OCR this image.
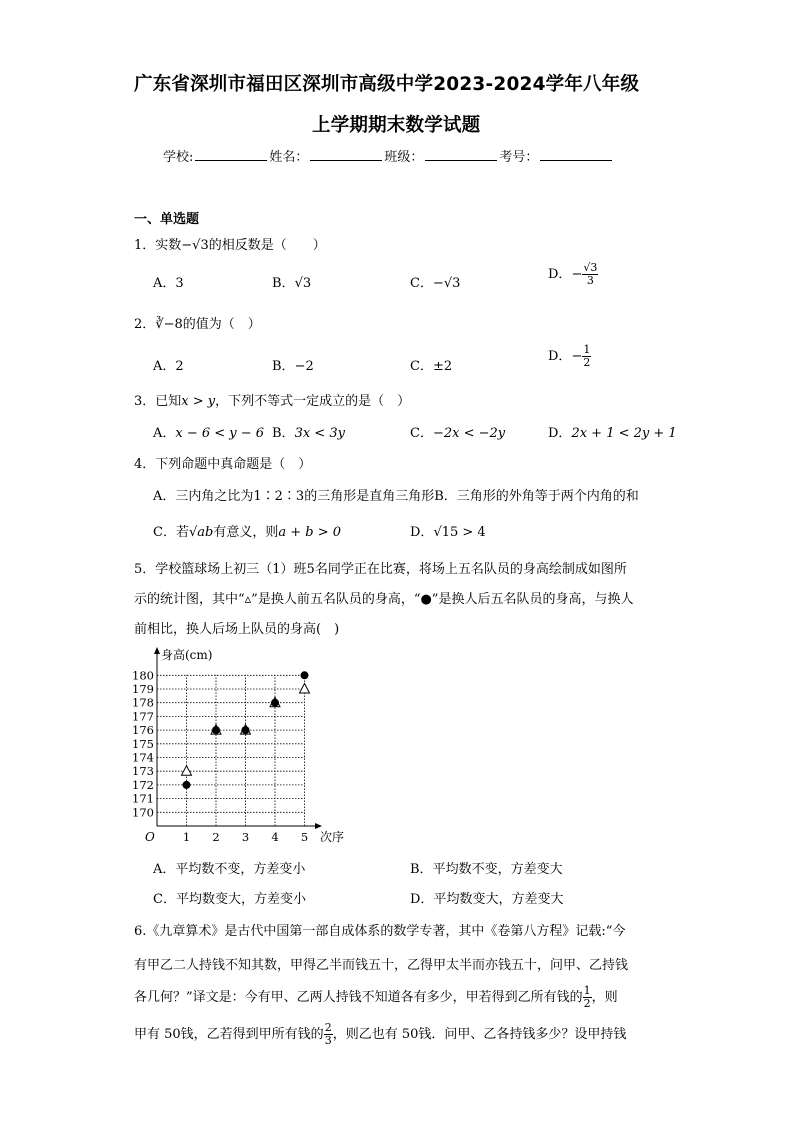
广东省深圳市福田区深圳市高级中学2023-2024学年八年级
上学期期末数学试题
学校:	姓名：	班级：	考号：
一、单选题
1．实数−√3的相反数是（　　）
A．3	B．√3	C．−√3
D．− $\frac{√3}{3}$
2．∛−8的值为（　）
A．2	B．−2	C．±2
D．− $\frac{1}{2}$
3．已知x > y，下列不等式一定成立的是（　）
A．x − 6 < y − 6 B．3x < 3y	C．−2x < −2y	D．2x + 1 < 2y + 1
4．下列命题中真命题是（　）
A．三内角之比为1∶2∶3的三角形是直角三角形B．三角形的外角等于两个内角的和
C．若√ab有意义，则a + b > 0	D．√15 > 4
5．学校篮球场上初三（1）班5名同学正在比赛，将场上五名队员的身高绘制成如图所
示的统计图，其中“▵”是换人前五名队员的身高，“●”是换人后五名队员的身高，与换人
前相比，换人后场上队员的身高(　)
170
171
172
173
174
175
176
177
178
179
180
1 2 3 4 5
O
身高(cm)
次序
A．平均数不变，方差变小	B．平均数不变，方差变大
C．平均数变大，方差变小	D．平均数变大，方差变大
6.《九章算术》是古代中国第一部自成体系的数学专著，其中《卷第八方程》记载:“今
有甲乙二人持钱不知其数，甲得乙半而钱五十，乙得甲太半而亦钱五十，问甲、乙持钱
各几何？”译文是：今有甲、乙两人持钱不知道各有多少，甲若得到乙所有钱的 $\frac{1}{2}$ ，则
甲有 50钱，乙若得到甲所有钱的 $\frac{2}{3}$ ，则乙也有 50钱．问甲、乙各持钱多少？设甲持钱
